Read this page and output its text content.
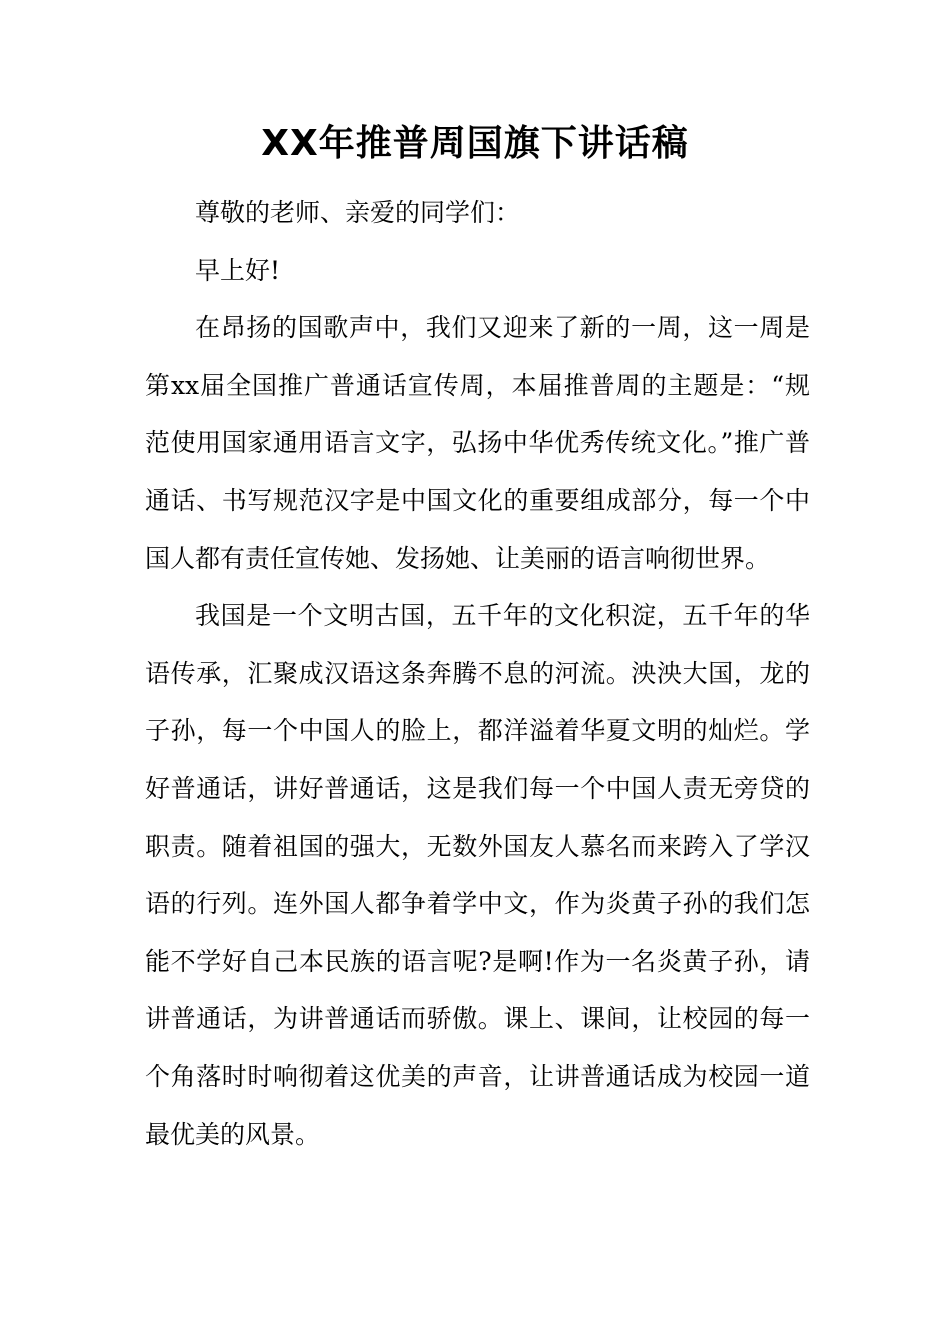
XX年推普周国旗下讲话稿

尊敬的老师、亲爱的同学们：

早上好!

在昂扬的国歌声中，我们又迎来了新的一周，这一周是第xx届全国推广普通话宣传周，本届推普周的主题是：“规范使用国家通用语言文字，弘扬中华优秀传统文化。”推广普通话、书写规范汉字是中国文化的重要组成部分，每一个中国人都有责任宣传她、发扬她、让美丽的语言响彻世界。

我国是一个文明古国，五千年的文化积淀，五千年的华语传承，汇聚成汉语这条奔腾不息的河流。泱泱大国，龙的子孙，每一个中国人的脸上，都洋溢着华夏文明的灿烂。学好普通话，讲好普通话，这是我们每一个中国人责无旁贷的职责。随着祖国的强大，无数外国友人慕名而来跨入了学汉语的行列。连外国人都争着学中文，作为炎黄子孙的我们怎能不学好自己本民族的语言呢?是啊!作为一名炎黄子孙，请讲普通话，为讲普通话而骄傲。课上、课间，让校园的每一个角落时时响彻着这优美的声音，让讲普通话成为校园一道最优美的风景。
